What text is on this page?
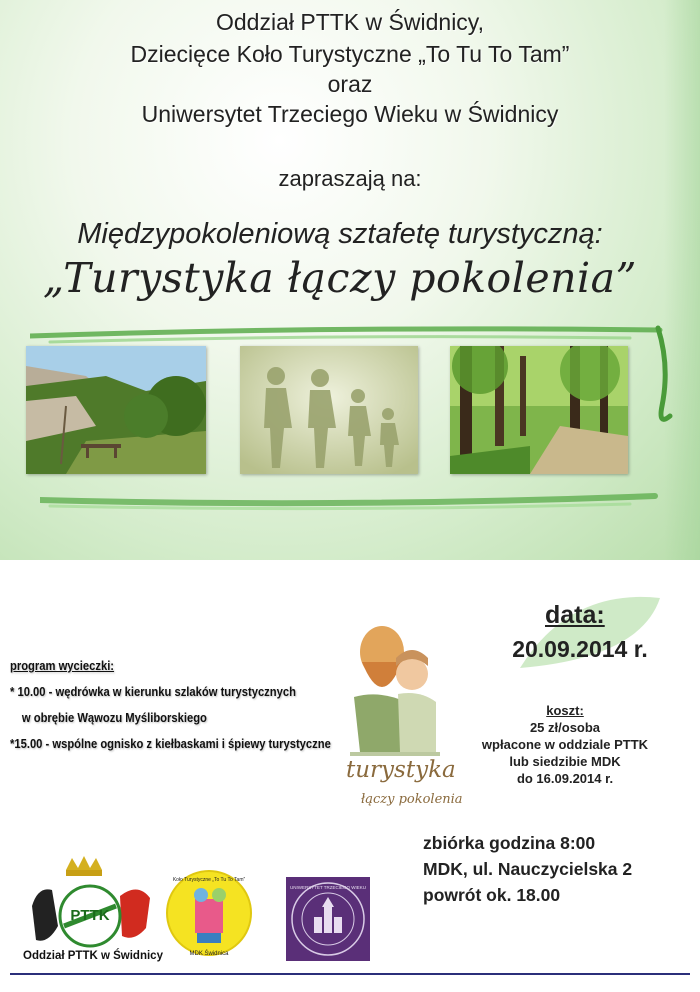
Oddział PTTK w Świdnicy,
Dziecięce Koło Turystyczne „To Tu To Tam”
oraz
Uniwersytet Trzeciego Wieku w Świdnicy
zapraszają na:
Międzypokoleniową sztafetę turystyczną:
„Turystyka łączy pokolenia”
program wycieczki:
* 10.00 - wędrówka w kierunku szlaków turystycznych
w obrębie Wąwozu Myśliborskiego
*15.00 - wspólne ognisko z kiełbaskami i śpiewy turystyczne
turystyka
łączy pokolenia
data:
20.09.2014 r.
koszt:
25 zł/osoba
wpłacone w oddziale PTTK
lub siedzibie MDK
do 16.09.2014 r.
zbiórka godzina 8:00
MDK, ul. Nauczycielska 2
powrót ok. 18.00
PTTK
Oddział PTTK w Świdnicy
Koło Turystyczne „To Tu To Tam”
MDK Świdnica
UNIWERSYTET TRZECIEGO WIEKU
